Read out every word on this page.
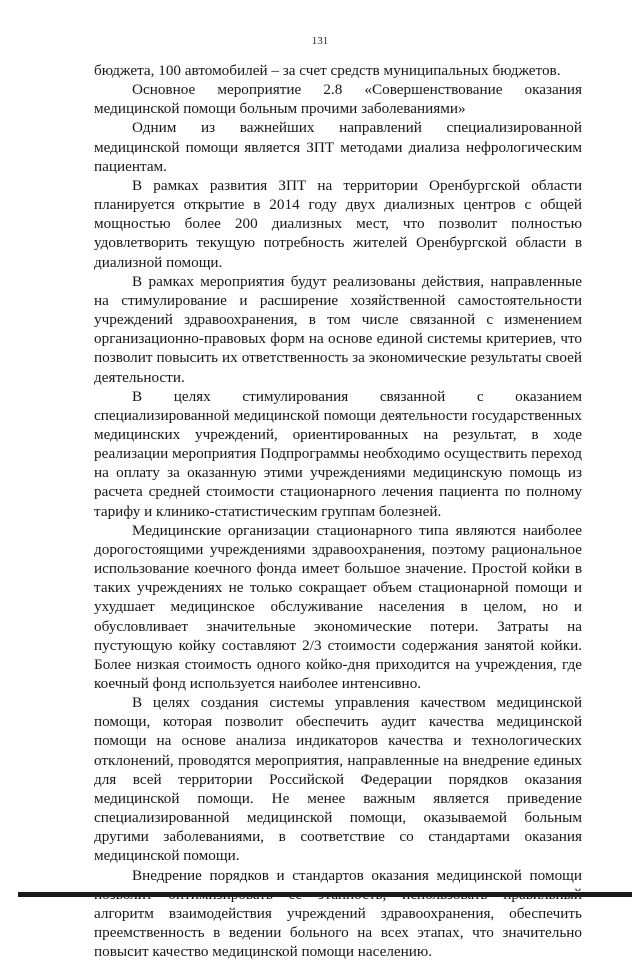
131

бюджета, 100 автомобилей – за счет средств муниципальных бюджетов.

Основное мероприятие 2.8 «Совершенствование оказания медицинской помощи больным прочими заболеваниями»

Одним из важнейших направлений специализированной медицинской помощи является ЗПТ методами диализа нефрологическим пациентам.

В рамках развития ЗПТ на территории Оренбургской области планируется открытие в 2014 году двух диализных центров с общей мощностью более 200 диализных мест, что позволит полностью удовлетворить текущую потребность жителей Оренбургской области в диализной помощи.

В рамках мероприятия будут реализованы действия, направленные на стимулирование и расширение хозяйственной самостоятельности учреждений здравоохранения, в том числе связанной с изменением организационно-правовых форм на основе единой системы критериев, что позволит повысить их ответственность за экономические результаты своей деятельности.

В целях стимулирования связанной с оказанием специализированной медицинской помощи деятельности государственных медицинских учреждений, ориентированных на результат, в ходе реализации мероприятия Подпрограммы необходимо осуществить переход на оплату за оказанную этими учреждениями медицинскую помощь из расчета средней стоимости стационарного лечения пациента по полному тарифу и клинико-статистическим группам болезней.

Медицинские организации стационарного типа являются наиболее дорогостоящими учреждениями здравоохранения, поэтому рациональное использование коечного фонда имеет большое значение. Простой койки в таких учреждениях не только сокращает объем стационарной помощи и ухудшает медицинское обслуживание населения в целом, но и обусловливает значительные экономические потери. Затраты на пустующую койку составляют 2/3 стоимости содержания занятой койки. Более низкая стоимость одного койко-дня приходится на учреждения, где коечный фонд используется наиболее интенсивно.

В целях создания системы управления качеством медицинской помощи, которая позволит обеспечить аудит качества медицинской помощи на основе анализа индикаторов качества и технологических отклонений, проводятся мероприятия, направленные на внедрение единых для всей территории Российской Федерации порядков оказания медицинской помощи. Не менее важным является приведение специализированной медицинской помощи, оказываемой больным другими заболеваниями, в соответствие со стандартами оказания медицинской помощи.

Внедрение порядков и стандартов оказания медицинской помощи алгоритм взаимодействия учреждений здравоохранения, обеспечить преемственность в ведении больного на всех этапах, что значительно повысит качество медицинской помощи населению.
